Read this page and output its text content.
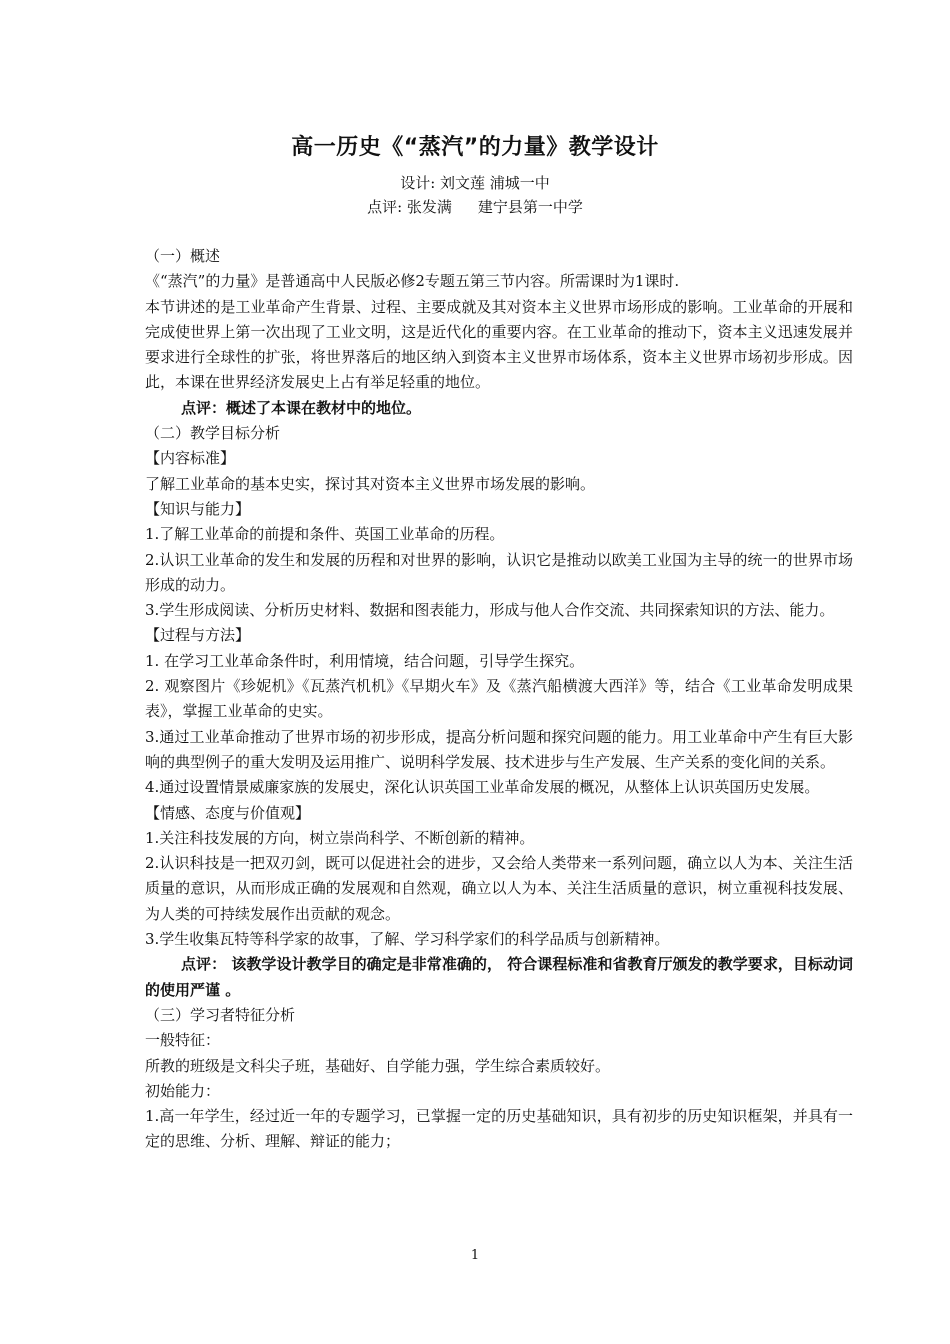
高一历史《“蒸汽”的力量》教学设计
设计: 刘文莲 浦城一中
点评: 张发满 建宁县第一中学

（一）概述

《“蒸汽”的力量》是普通高中人民版必修2专题五第三节内容。所需课时为1课时.

本节讲述的是工业革命产生背景、过程、主要成就及其对资本主义世界市场形成的影响。工业革命的开展和完成使世界上第一次出现了工业文明，这是近代化的重要内容。在工业革命的推动下，资本主义迅速发展并要求进行全球性的扩张，将世界落后的地区纳入到资本主义世界市场体系，资本主义世界市场初步形成。因此，本课在世界经济发展史上占有举足轻重的地位。

点评：概述了本课在教材中的地位。

（二）教学目标分析

【内容标准】

了解工业革命的基本史实，探讨其对资本主义世界市场发展的影响。

【知识与能力】

1.了解工业革命的前提和条件、英国工业革命的历程。

2.认识工业革命的发生和发展的历程和对世界的影响，认识它是推动以欧美工业国为主导的统一的世界市场形成的动力。

3.学生形成阅读、分析历史材料、数据和图表能力，形成与他人合作交流、共同探索知识的方法、能力。

【过程与方法】

1. 在学习工业革命条件时，利用情境，结合问题，引导学生探究。

2. 观察图片《珍妮机》《瓦蒸汽机机》《早期火车》及《蒸汽船横渡大西洋》等，结合《工业革命发明成果表》，掌握工业革命的史实。

3.通过工业革命推动了世界市场的初步形成，提高分析问题和探究问题的能力。用工业革命中产生有巨大影响的典型例子的重大发明及运用推广、说明科学发展、技术进步与生产发展、生产关系的变化间的关系。

4.通过设置情景威廉家族的发展史，深化认识英国工业革命发展的概况，从整体上认识英国历史发展。

【情感、态度与价值观】

1.关注科技发展的方向，树立崇尚科学、不断创新的精神。

2.认识科技是一把双刃剑，既可以促进社会的进步，又会给人类带来一系列问题，确立以人为本、关注生活质量的意识，从而形成正确的发展观和自然观，确立以人为本、关注生活质量的意识，树立重视科技发展、为人类的可持续发展作出贡献的观念。

3.学生收集瓦特等科学家的故事，了解、学习科学家们的科学品质与创新精神。

点评： 该教学设计教学目的确定是非常准确的， 符合课程标准和省教育厅颁发的教学要求，目标动词的使用严谨 。

（三）学习者特征分析

一般特征：

所教的班级是文科尖子班，基础好、自学能力强，学生综合素质较好。

初始能力：

1.高一年学生，经过近一年的专题学习，已掌握一定的历史基础知识，具有初步的历史知识框架，并具有一定的思维、分析、理解、辩证的能力；

1
